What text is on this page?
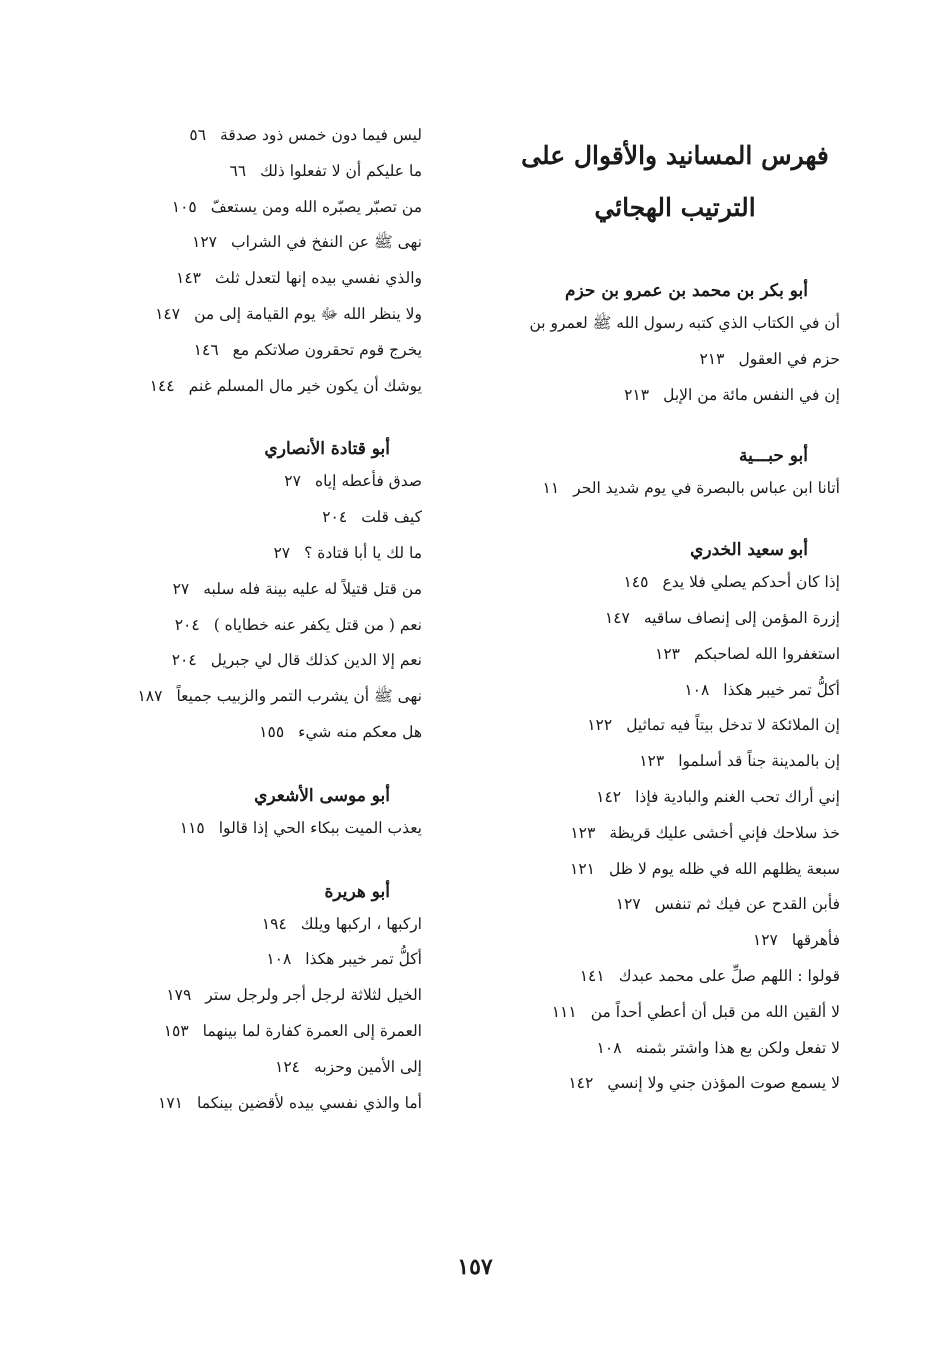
فهرس المسانيد والأقوال على
الترتيب الهجائي
أبو بكر بن محمد بن عمرو بن حزم
أن في الكتاب الذي كتبه رسول الله ﷺ لعمرو بن حزم في العقول٢١٣
إن في النفس مائة من الإبل٢١٣
أبو حبـــية
أتانا ابن عباس بالبصرة في يوم شديد الحر١١
أبو سعيد الخدري
إذا كان أحدكم يصلي فلا يدع١٤٥
إزرة المؤمن إلى إنصاف ساقيه١٤٧
استغفروا الله لصاحبكم١٢٣
أكلُّ تمر خيبر هكذا١٠٨
إن الملائكة لا تدخل بيتاً فيه تماثيل١٢٢
إن بالمدينة جناً قد أسلموا١٢٣
إني أراك تحب الغنم والبادية فإذا١٤٢
خذ سلاحك فإني أخشى عليك قريظة١٢٣
سبعة يظلهم الله في ظله يوم لا ظل١٢١
فأبن القدح عن فيك ثم تنفس١٢٧
فأهرقها١٢٧
قولوا : اللهم صلِّ على محمد عبدك١٤١
لا ألقين الله من قبل أن أعطي أحداً من١١١
لا تفعل ولكن بع هذا واشتر بثمنه١٠٨
لا يسمع صوت المؤذن جني ولا إنسي١٤٢
ليس فيما دون خمس ذود صدقة٥٦
ما عليكم أن لا تفعلوا ذلك٦٦
من تصبّر يصبّره الله ومن يستعفّ١٠٥
نهى ﷺ عن النفخ في الشراب١٢٧
والذي نفسي بيده إنها لتعدل ثلث١٤٣
ولا ينظر الله ﷻ يوم القيامة إلى من١٤٧
يخرج قوم تحقرون صلاتكم مع١٤٦
يوشك أن يكون خير مال المسلم غنم١٤٤
أبو قتادة الأنصاري
صدق فأعطه إياه٢٧
كيف قلت٢٠٤
ما لك يا أبا قتادة ؟٢٧
من قتل قتيلاً له عليه بينة فله سلبه٢٧
نعم ( من قتل يكفر عنه خطاياه )٢٠٤
نعم إلا الدين كذلك قال لي جبريل٢٠٤
نهى ﷺ أن يشرب التمر والزبيب جميعاً١٨٧
هل معكم منه شيء١٥٥
أبو موسى الأشعري
يعذب الميت ببكاء الحي إذا قالوا١١٥
أبو هريرة
اركبها ، اركبها ويلك١٩٤
أكلُّ تمر خيبر هكذا١٠٨
الخيل لثلاثة لرجل أجر ولرجل ستر١٧٩
العمرة إلى العمرة كفارة لما بينهما١٥٣
إلى الأمين وحزبه١٢٤
أما والذي نفسي بيده لأقضين بينكما١٧١
١٥٧
